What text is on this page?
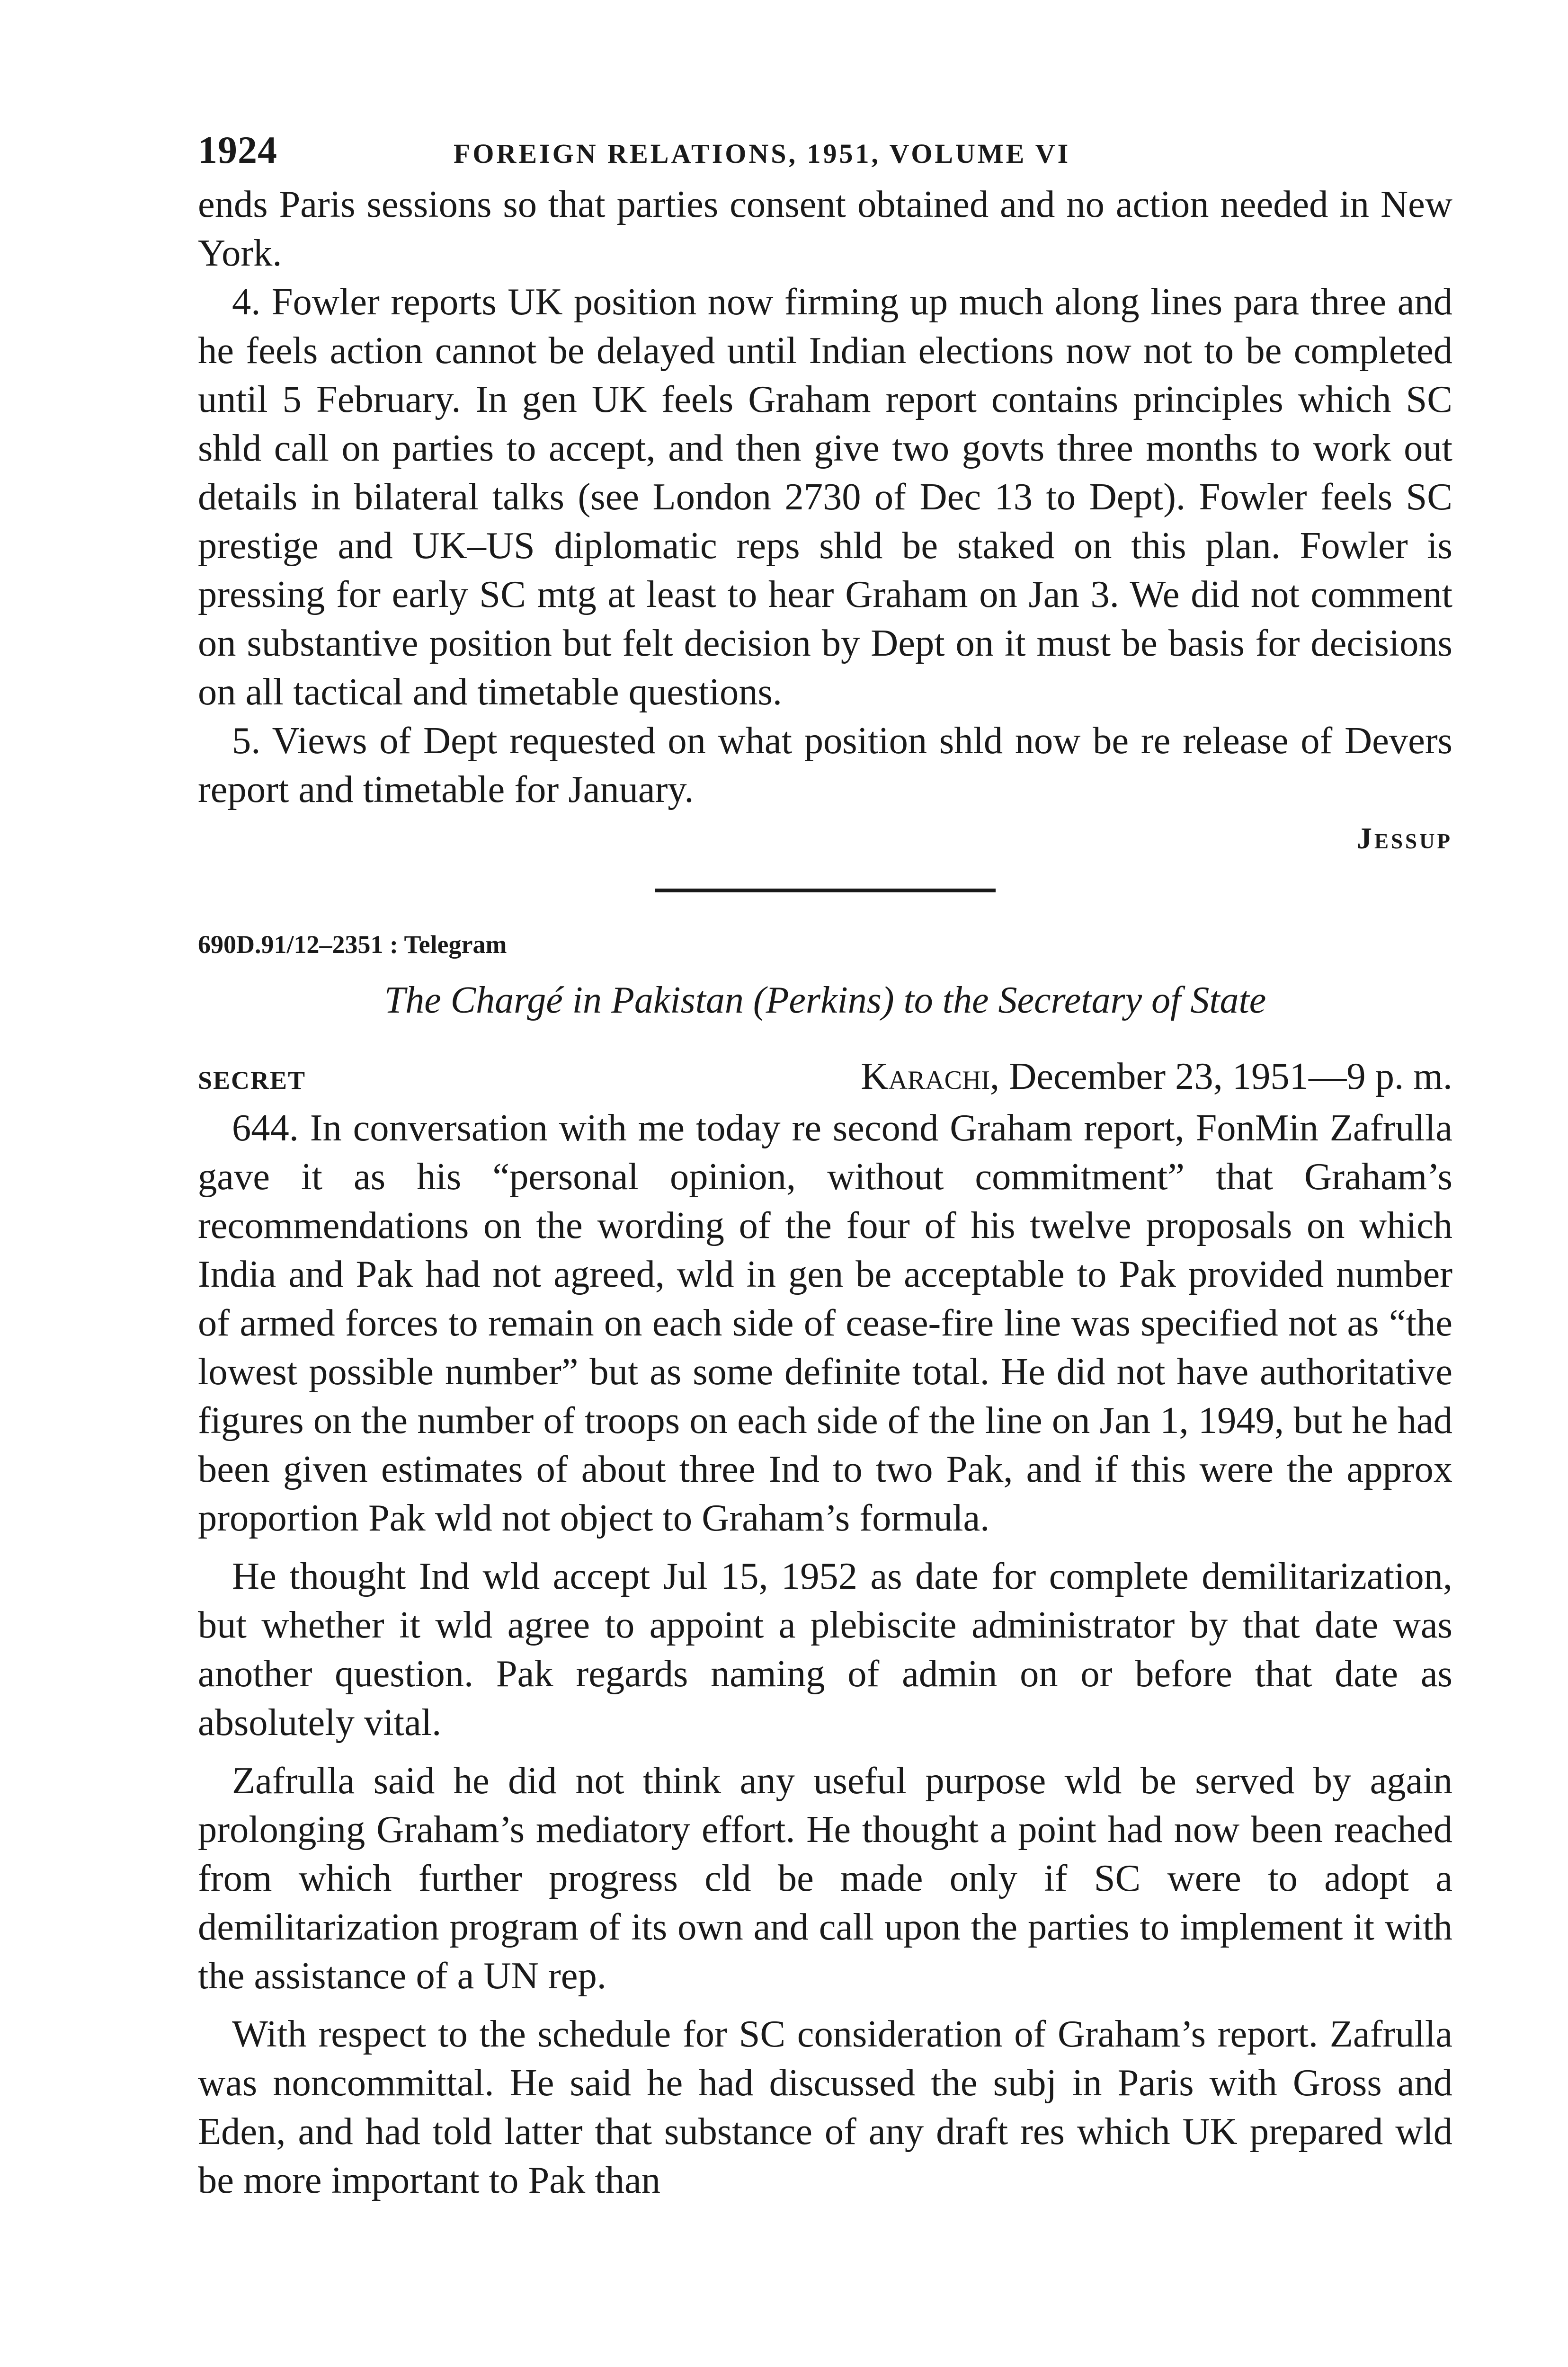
1924	FOREIGN RELATIONS, 1951, VOLUME VI

ends Paris sessions so that parties consent obtained and no action needed in New York.

4. Fowler reports UK position now firming up much along lines para three and he feels action cannot be delayed until Indian elections now not to be completed until 5 February. In gen UK feels Graham report contains principles which SC shld call on parties to accept, and then give two govts three months to work out details in bilateral talks (see London 2730 of Dec 13 to Dept). Fowler feels SC prestige and UK–US diplomatic reps shld be staked on this plan. Fowler is pressing for early SC mtg at least to hear Graham on Jan 3. We did not comment on substantive position but felt decision by Dept on it must be basis for decisions on all tactical and timetable questions.

5. Views of Dept requested on what position shld now be re release of Devers report and timetable for January.

Jessup

690D.91/12–2351 : Telegram
The Chargé in Pakistan (Perkins) to the Secretary of State
SECRET	Karachi, December 23, 1951—9 p. m.

644. In conversation with me today re second Graham report, FonMin Zafrulla gave it as his “personal opinion, without commitment” that Graham’s recommendations on the wording of the four of his twelve proposals on which India and Pak had not agreed, wld in gen be acceptable to Pak provided number of armed forces to remain on each side of cease-fire line was specified not as “the lowest possible number” but as some definite total. He did not have authoritative figures on the number of troops on each side of the line on Jan 1, 1949, but he had been given estimates of about three Ind to two Pak, and if this were the approx proportion Pak wld not object to Graham’s formula.

He thought Ind wld accept Jul 15, 1952 as date for complete demilitarization, but whether it wld agree to appoint a plebiscite administrator by that date was another question. Pak regards naming of admin on or before that date as absolutely vital.

Zafrulla said he did not think any useful purpose wld be served by again prolonging Graham’s mediatory effort. He thought a point had now been reached from which further progress cld be made only if SC were to adopt a demilitarization program of its own and call upon the parties to implement it with the assistance of a UN rep.

With respect to the schedule for SC consideration of Graham’s report. Zafrulla was noncommittal. He said he had discussed the subj in Paris with Gross and Eden, and had told latter that substance of any draft res which UK prepared wld be more important to Pak than
